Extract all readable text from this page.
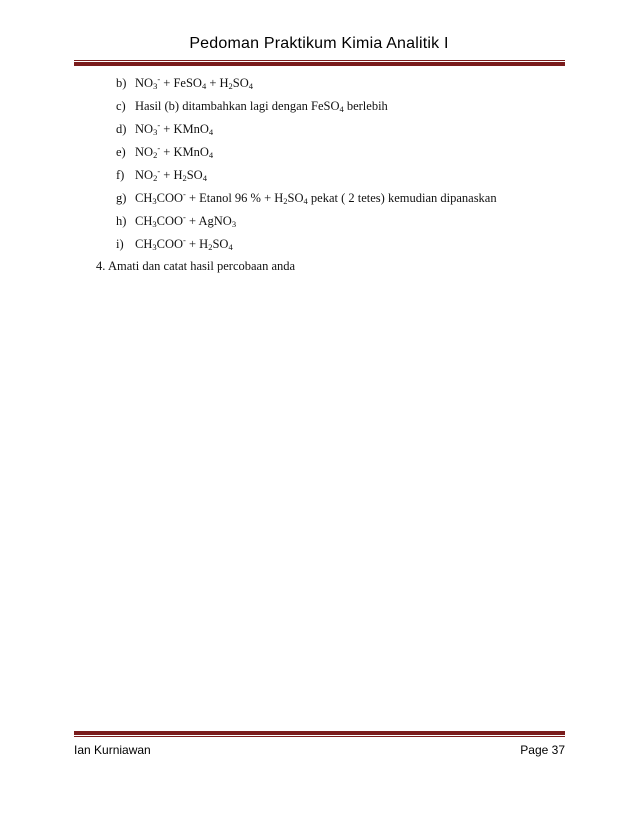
Pedoman Praktikum Kimia Analitik I
b) $NO_3^-$ + FeSO$_4$ + $H_2SO_4$
c) Hasil (b) ditambahkan lagi dengan FeSO$_4$ berlebih
d) $NO_3^-$ + KMnO$_4$
e) $NO_2^-$ + KMnO$_4$
f) $NO_2^- + H_2SO_4$
g) $CH_3COO^-$ + Etanol 96 % + $H_2SO_4$ pekat ( 2 tetes) kemudian dipanaskan
h) $CH_3COO^-$ + AgNO$_3$
i) $CH_3COO^- + H_2SO_4$
4. Amati dan catat hasil percobaan anda
Ian Kurniawan	Page 37
